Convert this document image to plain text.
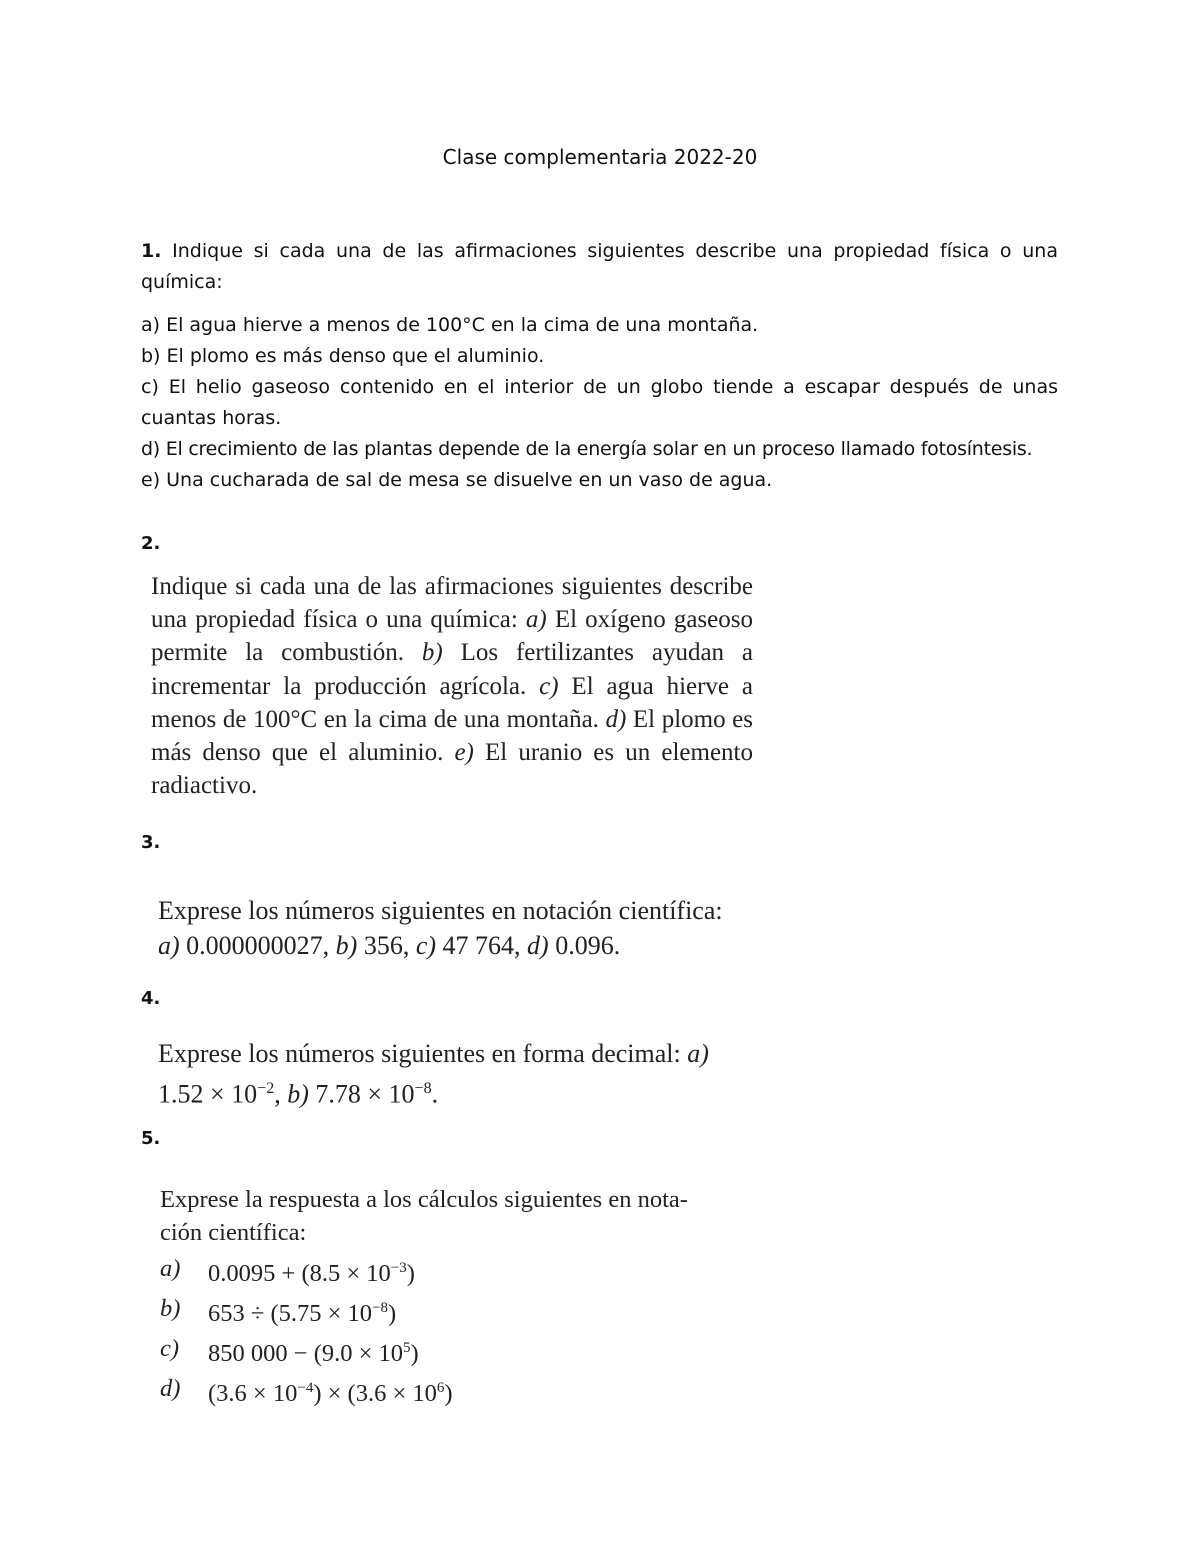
Clase complementaria 2022-20

1. Indique si cada una de las afirmaciones siguientes describe una propiedad física o una química:

a) El agua hierve a menos de 100°C en la cima de una montaña.

b) El plomo es más denso que el aluminio.

c) El helio gaseoso contenido en el interior de un globo tiende a escapar después de unas cuantas horas.

d) El crecimiento de las plantas depende de la energía solar en un proceso llamado fotosíntesis.

e) Una cucharada de sal de mesa se disuelve en un vaso de agua.

2.
Indique si cada una de las afirmaciones siguientes describe una propiedad física o una química: a) El oxígeno gaseoso permite la combustión. b) Los fertilizantes ayudan a incrementar la producción agrícola. c) El agua hierve a menos de 100°C en la cima de una montaña. d) El plomo es más denso que el aluminio. e) El uranio es un elemento radiactivo.
3.
Exprese los números siguientes en notación científica:
a) 0.000000027, b) 356, c) 47 764, d) 0.096.
4.
Exprese los números siguientes en forma decimal: a)
$1.52 \times 10^{-2}$, b) $7.78 \times 10^{-8}$.
5.
Exprese la respuesta a los cálculos siguientes en nota-
ción científica:
a)	$0.0095 + (8.5 \times 10^{-3})$
b)	$653 \div (5.75 \times 10^{-8})$
c)	850 $000 - (9.0 \times 10^5)$
d)	$(3.6 \times 10^{-4}) \times (3.6 \times 10^6)$
